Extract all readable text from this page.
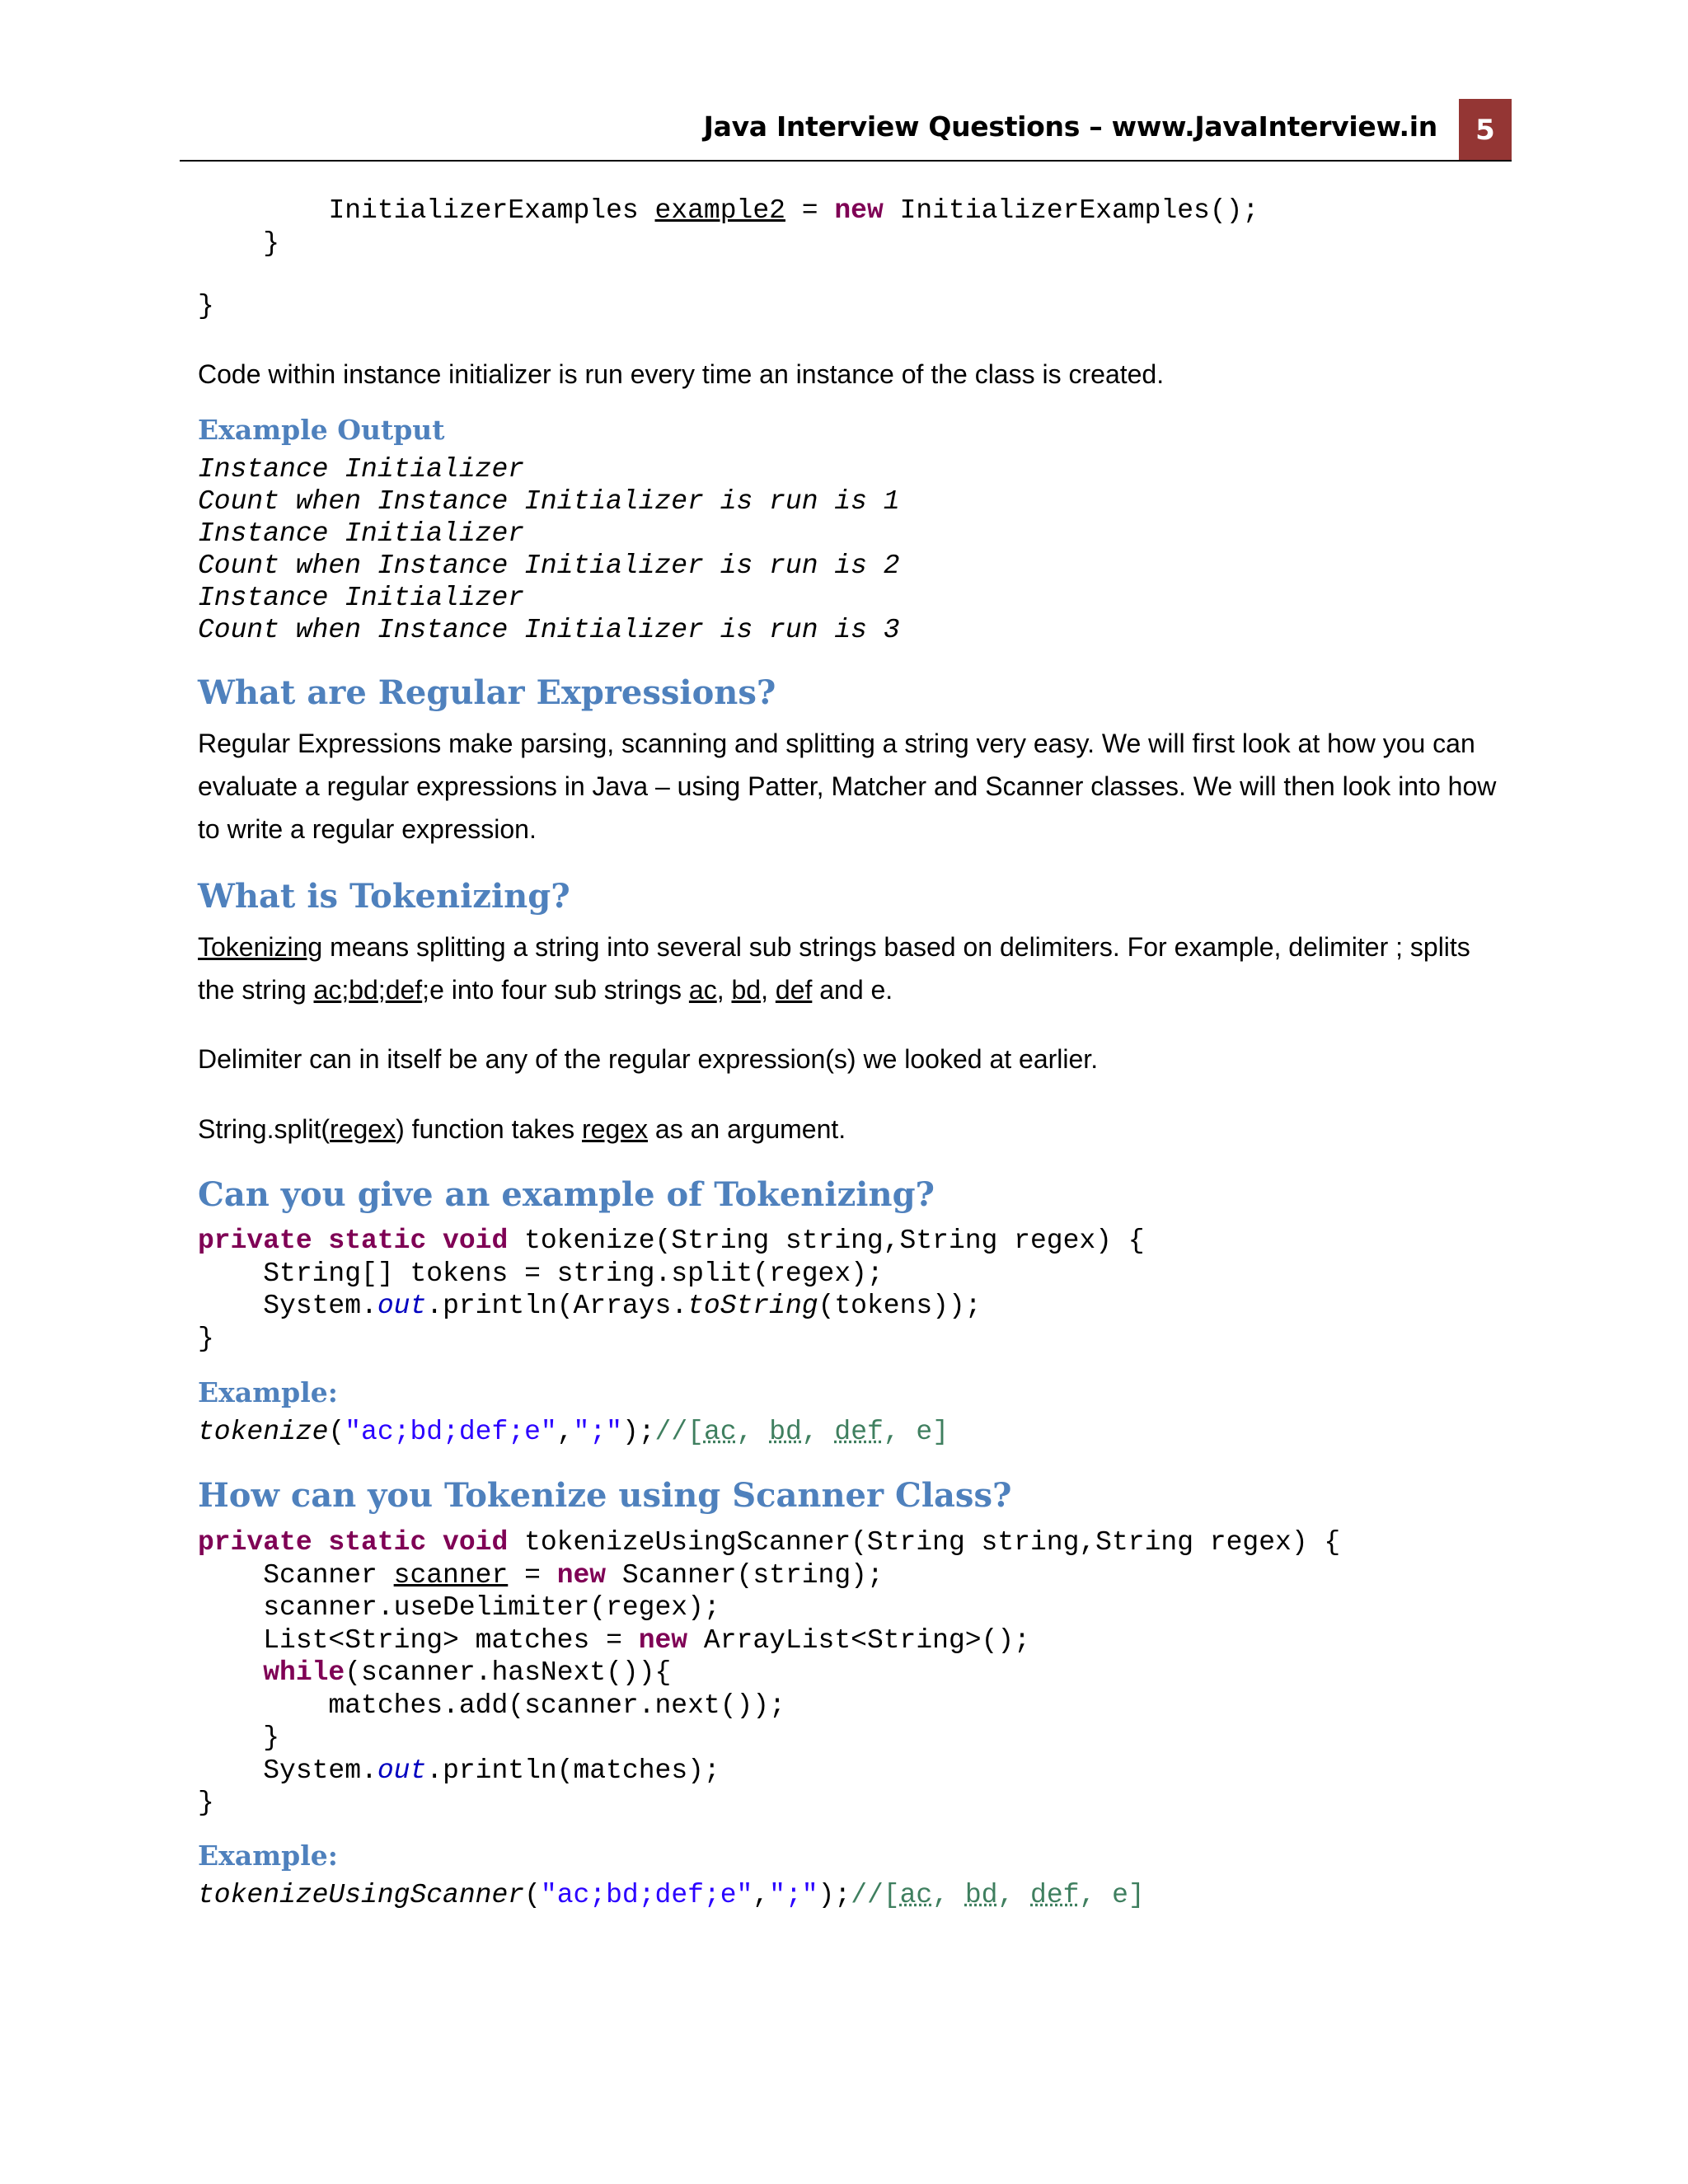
Java Interview Questions – www.JavaInterview.in	5
InitializerExamples example2 = new InitializerExamples();
}

}
Code within instance initializer is run every time an instance of the class is created.
Example Output
Instance Initializer
Count when Instance Initializer is run is 1
Instance Initializer
Count when Instance Initializer is run is 2
Instance Initializer
Count when Instance Initializer is run is 3
What are Regular Expressions?
Regular Expressions make parsing, scanning and splitting a string very easy. We will first look at how you can evaluate a regular expressions in Java – using Patter, Matcher and Scanner classes. We will then look into how to write a regular expression.
What is Tokenizing?
Tokenizing means splitting a string into several sub strings based on delimiters. For example, delimiter ; splits the string ac;bd;def;e into four sub strings ac, bd, def and e.
Delimiter can in itself be any of the regular expression(s) we looked at earlier.
String.split(regex) function takes regex as an argument.
Can you give an example of Tokenizing?
private static void tokenize(String string,String regex) {
String[] tokens = string.split(regex);
System.out.println(Arrays.toString(tokens));
}
Example:
tokenize("ac;bd;def;e",";");//[ac, bd, def, e]
How can you Tokenize using Scanner Class?
private static void tokenizeUsingScanner(String string,String regex) {
Scanner scanner = new Scanner(string);
scanner.useDelimiter(regex);
List<String> matches = new ArrayList<String>();
while(scanner.hasNext()){
matches.add(scanner.next());
}
System.out.println(matches);
}
Example:
tokenizeUsingScanner("ac;bd;def;e",";");//[ac, bd, def, e]
